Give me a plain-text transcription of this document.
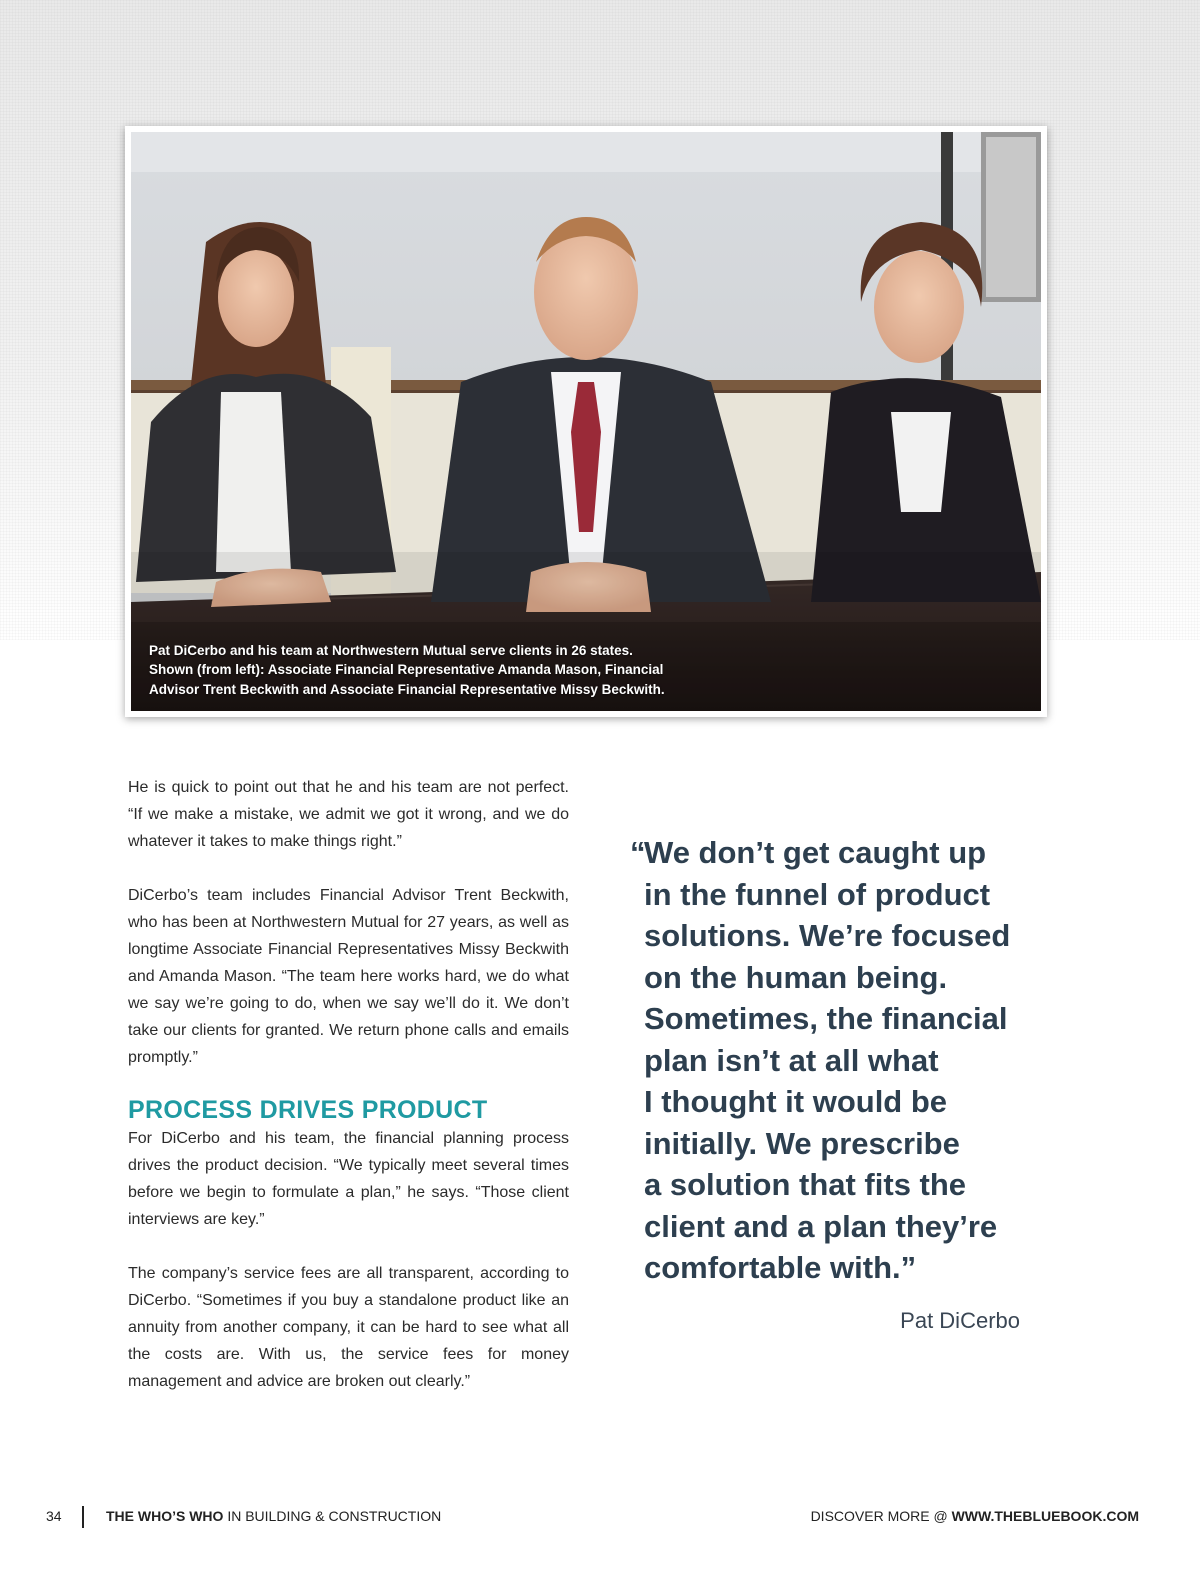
Pat DiCerbo and his team at Northwestern Mutual serve clients in 26 states.
Shown (from left): Associate Financial Representative Amanda Mason, Financial
Advisor Trent Beckwith and Associate Financial Representative Missy Beckwith.

He is quick to point out that he and his team are not perfect. “If we make a mistake, we admit we got it wrong, and we do whatever it takes to make things right.”

DiCerbo’s team includes Financial Advisor Trent Beckwith, who has been at Northwestern Mutual for 27 years, as well as longtime Associate Financial Representatives Missy Beckwith and Amanda Mason. “The team here works hard, we do what we say we’re going to do, when we say we’ll do it. We don’t take our clients for granted. We return phone calls and emails promptly.”

PROCESS DRIVES PRODUCT

For DiCerbo and his team, the financial planning process drives the product decision. “We typically meet several times before we begin to formulate a plan,” he says. “Those client interviews are key.”

The company’s service fees are all transparent, according to DiCerbo. “Sometimes if you buy a standalone product like an annuity from another company, it can be hard to see what all the costs are. With us, the service fees for money management and advice are broken out clearly.”

“
We don’t get caught up
in the funnel of product
solutions. We’re focused
on the human being.
Sometimes, the financial
plan isn’t at all what
I thought it would be
initially. We prescribe
a solution that fits the
client and a plan they’re
comfortable with.”
Pat DiCerbo
34	THE WHO’S WHO IN BUILDING & CONSTRUCTION	DISCOVER MORE @ WWW.THEBLUEBOOK.COM
